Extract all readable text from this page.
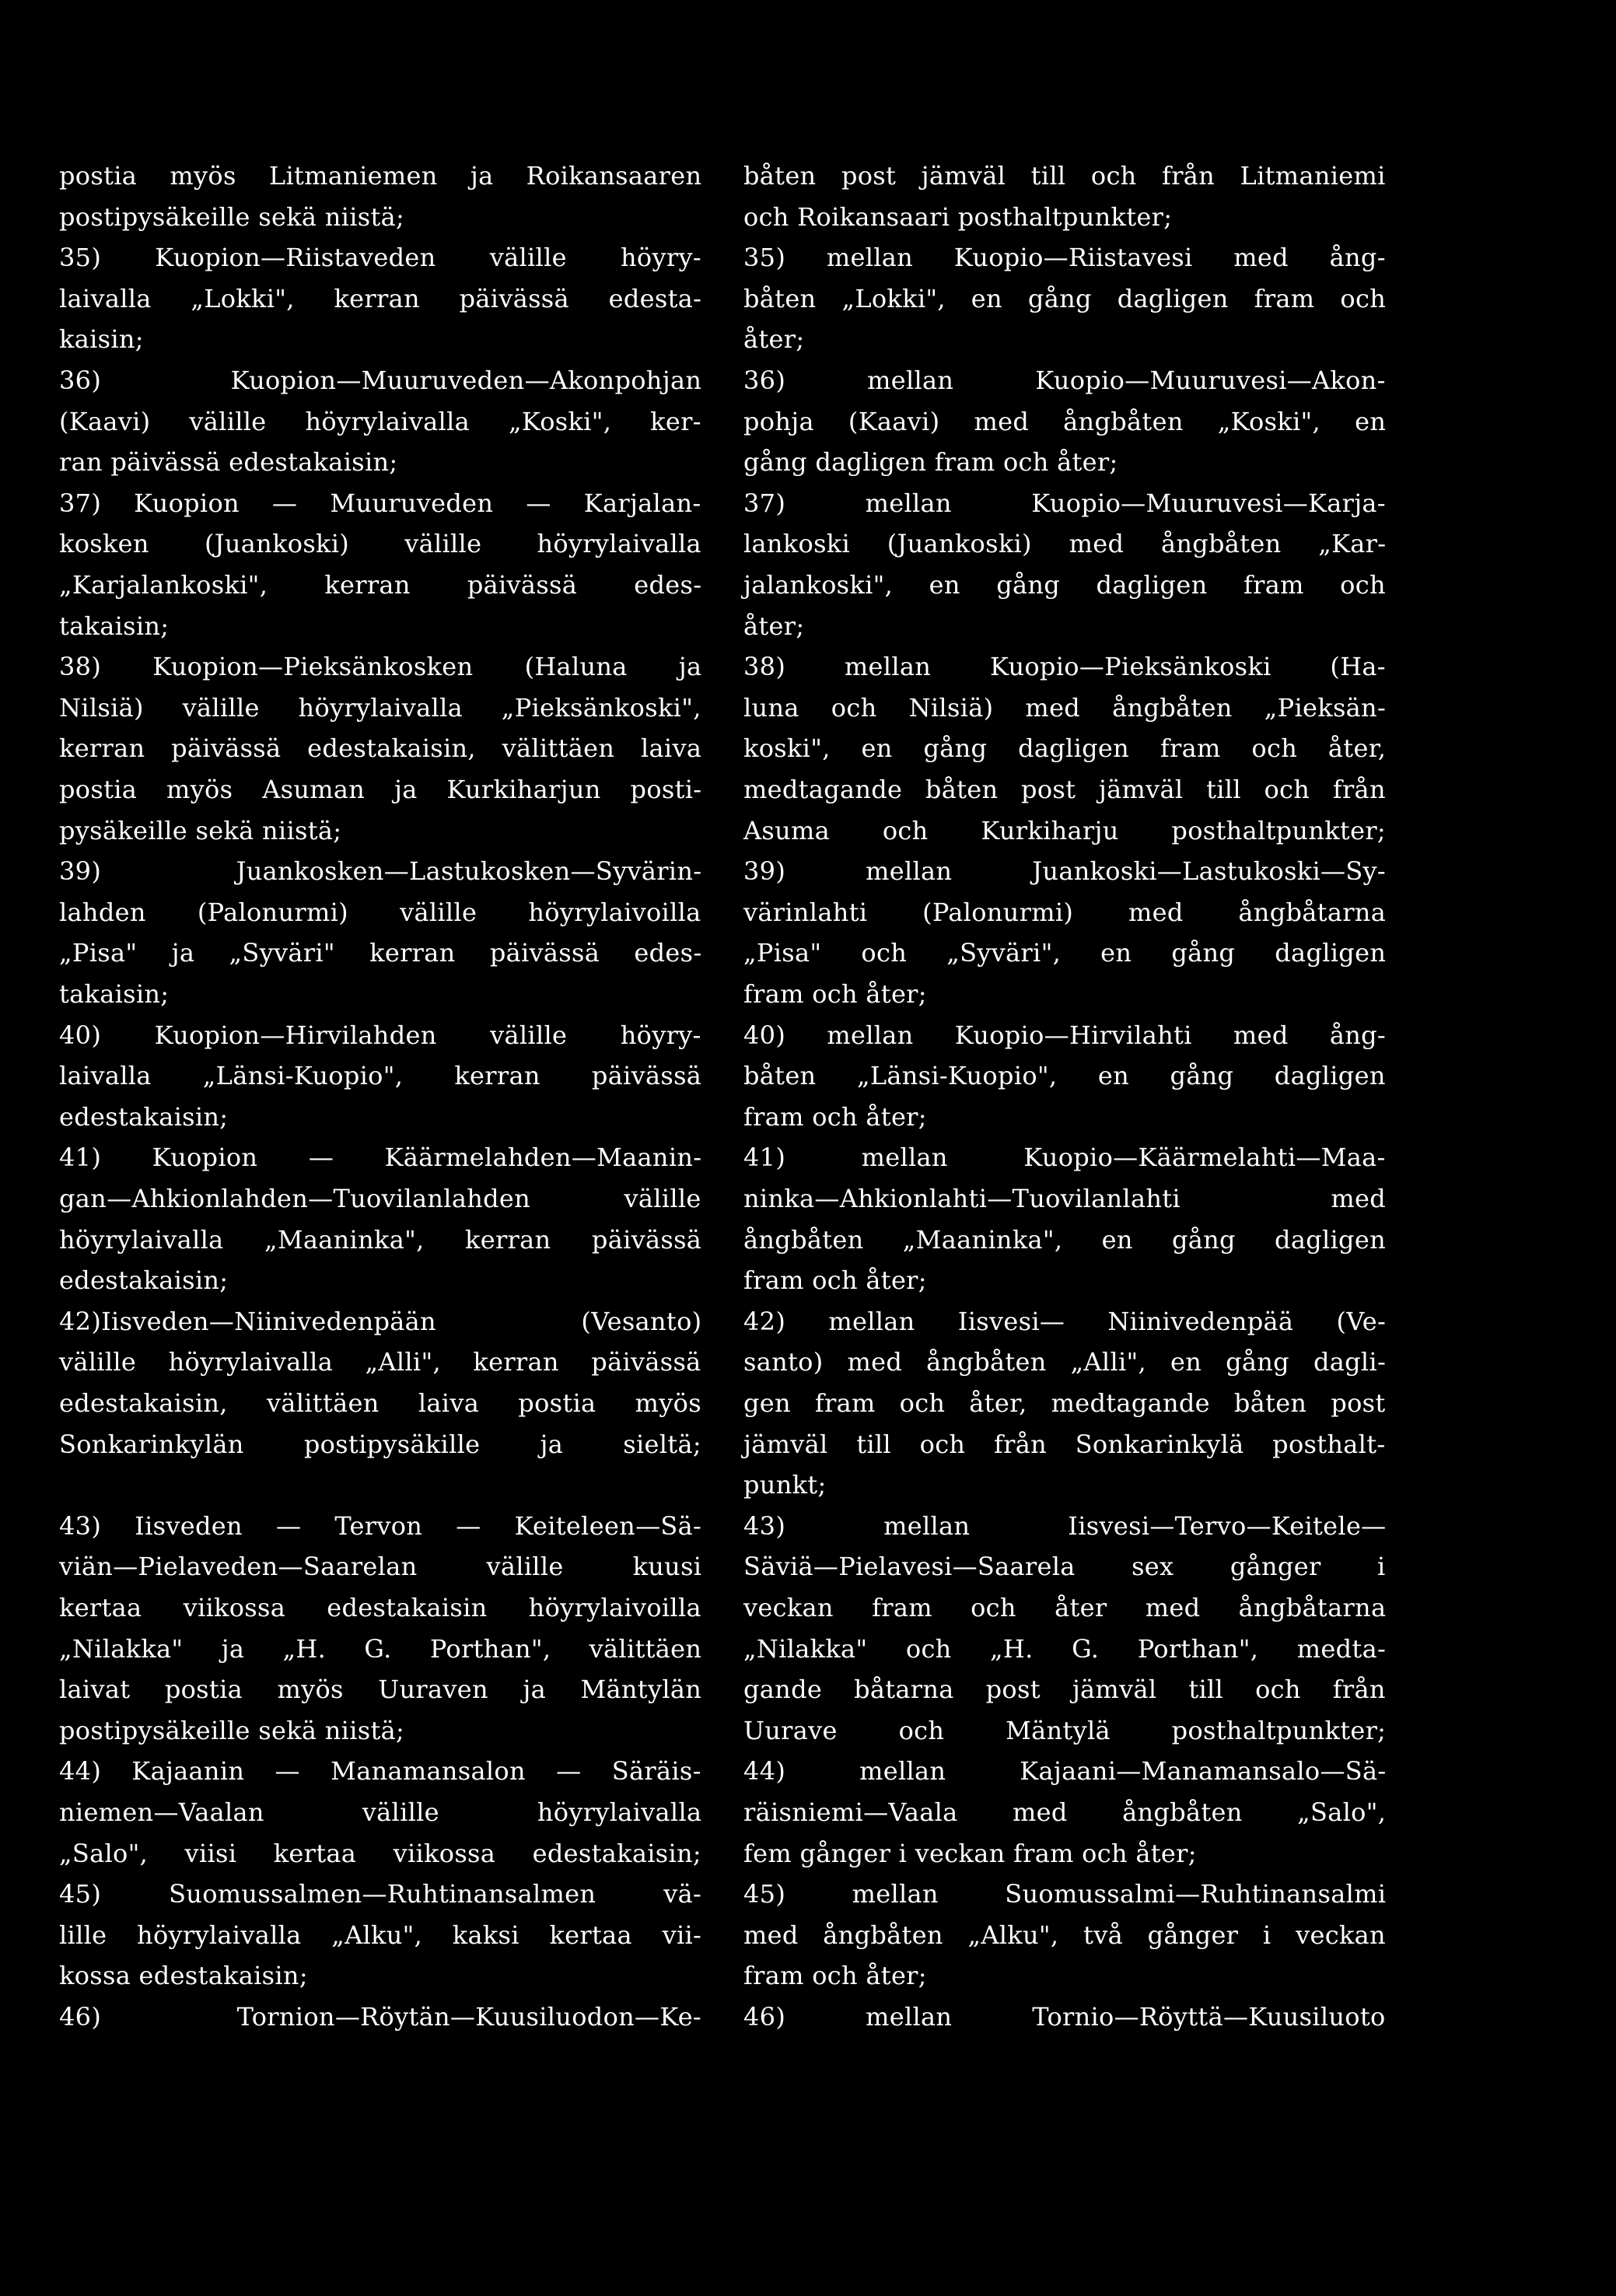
postia myös Litmaniemen ja Roikansaaren
postipysäkeille sekä niistä;
35) Kuopion—Riistaveden välille höyry-
laivalla „Lokki", kerran päivässä edesta-
kaisin;
36) Kuopion—Muuruveden—Akonpohjan
(Kaavi) välille höyrylaivalla „Koski", ker-
ran päivässä edestakaisin;
37) Kuopion — Muuruveden — Karjalan-
kosken (Juankoski) välille höyrylaivalla
„Karjalankoski", kerran päivässä edes-
takaisin;
38) Kuopion—Pieksänkosken (Haluna ja
Nilsiä) välille höyrylaivalla „Pieksänkoski",
kerran päivässä edestakaisin, välittäen laiva
postia myös Asuman ja Kurkiharjun posti-
pysäkeille sekä niistä;
39) Juankosken—Lastukosken—Syvärin-
lahden (Palonurmi) välille höyrylaivoilla
„Pisa" ja „Syväri" kerran päivässä edes-
takaisin;
40) Kuopion—Hirvilahden välille höyry-
laivalla „Länsi-Kuopio", kerran päivässä
edestakaisin;
41) Kuopion — Käärmelahden—Maanin-
gan—Ahkionlahden—Tuovilanlahden välille
höyrylaivalla „Maaninka", kerran päivässä
edestakaisin;
42)Iisveden—Niinivedenpään (Vesanto)
välille höyrylaivalla „Alli", kerran päivässä
edestakaisin, välittäen laiva postia myös
Sonkarinkylän postipysäkille ja sieltä;
43) Iisveden — Tervon — Keiteleen—Sä-
viän—Pielaveden—Saarelan välille kuusi
kertaa viikossa edestakaisin höyrylaivoilla
„Nilakka" ja „H. G. Porthan", välittäen
laivat postia myös Uuraven ja Mäntylän
postipysäkeille sekä niistä;
44) Kajaanin — Manamansalon — Säräis-
niemen—Vaalan välille höyrylaivalla
„Salo", viisi kertaa viikossa edestakaisin;
45) Suomussalmen—Ruhtinansalmen vä-
lille höyrylaivalla „Alku", kaksi kertaa vii-
kossa edestakaisin;
46) Tornion—Röytän—Kuusiluodon—Ke-
båten post jämväl till och från Litmaniemi
och Roikansaari posthaltpunkter;
35) mellan Kuopio—Riistavesi med ång-
båten „Lokki", en gång dagligen fram och
åter;
36) mellan Kuopio—Muuruvesi—Akon-
pohja (Kaavi) med ångbåten „Koski", en
gång dagligen fram och åter;
37) mellan Kuopio—Muuruvesi—Karja-
lankoski (Juankoski) med ångbåten „Kar-
jalankoski", en gång dagligen fram och
åter;
38) mellan Kuopio—Pieksänkoski (Ha-
luna och Nilsiä) med ångbåten „Pieksän-
koski", en gång dagligen fram och åter,
medtagande båten post jämväl till och från
Asuma och Kurkiharju posthaltpunkter;
39) mellan Juankoski—Lastukoski—Sy-
värinlahti (Palonurmi) med ångbåtarna
„Pisa" och „Syväri", en gång dagligen
fram och åter;
40) mellan Kuopio—Hirvilahti med ång-
båten „Länsi-Kuopio", en gång dagligen
fram och åter;
41) mellan Kuopio—Käärmelahti—Maa-
ninka—Ahkionlahti—Tuovilanlahti med
ångbåten „Maaninka", en gång dagligen
fram och åter;
42) mellan Iisvesi— Niinivedenpää (Ve-
santo) med ångbåten „Alli", en gång dagli-
gen fram och åter, medtagande båten post
jämväl till och från Sonkarinkylä posthalt-
punkt;
43) mellan Iisvesi—Tervo—Keitele—
Säviä—Pielavesi—Saarela sex gånger i
veckan fram och åter med ångbåtarna
„Nilakka" och „H. G. Porthan", medta-
gande båtarna post jämväl till och från
Uurave och Mäntylä posthaltpunkter;
44) mellan Kajaani—Manamansalo—Sä-
räisniemi—Vaala med ångbåten „Salo",
fem gånger i veckan fram och åter;
45) mellan Suomussalmi—Ruhtinansalmi
med ångbåten „Alku", två gånger i veckan
fram och åter;
46) mellan Tornio—Röyttä—Kuusiluoto
